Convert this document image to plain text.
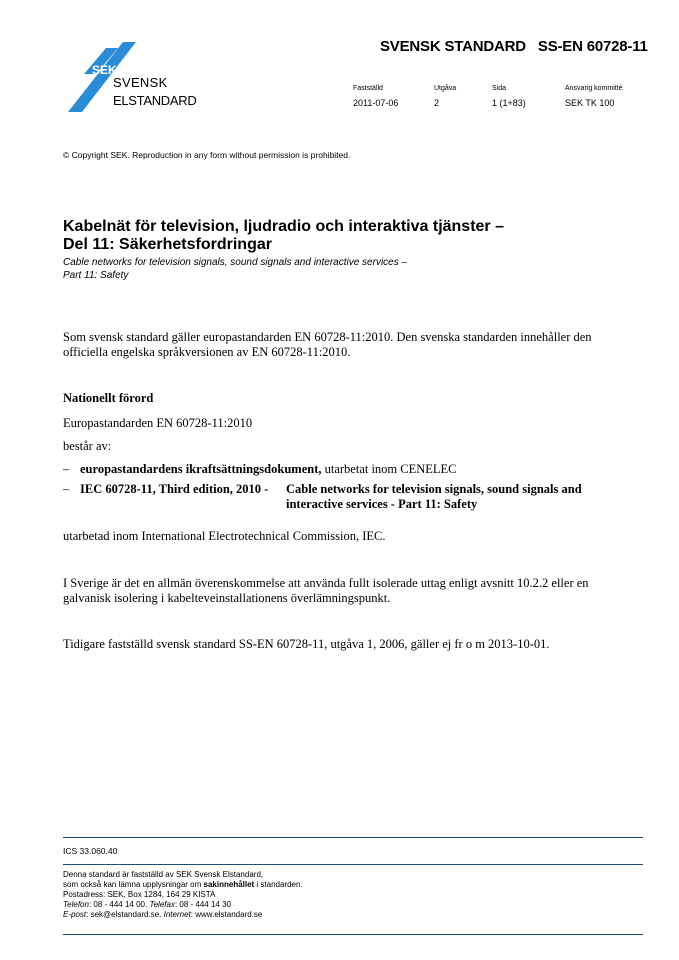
SEK
SVENSK
ELSTANDARD
SVENSK STANDARD SS-EN 60728-11
Fastställd
2011-07-06
Utgåva
2
Sida
1 (1+83)
Ansvarig kommitté
SEK TK 100
© Copyright SEK. Reproduction in any form without permission is prohibited.
Kabelnät för television, ljudradio och interaktiva tjänster –
Del 11: Säkerhetsfordringar
Cable networks for television signals, sound signals and interactive services –
Part 11: Safety
Som svensk standard gäller europastandarden EN 60728-11:2010. Den svenska standarden innehåller den
officiella engelska språkversionen av EN 60728-11:2010.
Nationellt förord
Europastandarden EN 60728-11:2010
består av:
– europastandardens ikraftsättningsdokument, utarbetat inom CENELEC
– IEC 60728-11, Third edition, 2010 -	Cable networks for television signals, sound signals and interactive services - Part 11: Safety
utarbetad inom International Electrotechnical Commission, IEC.
I Sverige är det en allmän överenskommelse att använda fullt isolerade uttag enligt avsnitt 10.2.2 eller en
galvanisk isolering i kabelteveinstallationens överlämningspunkt.
Tidigare fastställd svensk standard SS-EN 60728-11, utgåva 1, 2006, gäller ej fr o m 2013-10-01.
ICS 33.060.40
Denna standard är fastställd av SEK Svensk Elstandard,
som också kan lämna upplysningar om sakinnehållet i standarden.
Postadress: SEK, Box 1284, 164 29 KISTA
Telefon: 08 - 444 14 00. Telefax: 08 - 444 14 30
E-post: sek@elstandard.se. Internet: www.elstandard.se
